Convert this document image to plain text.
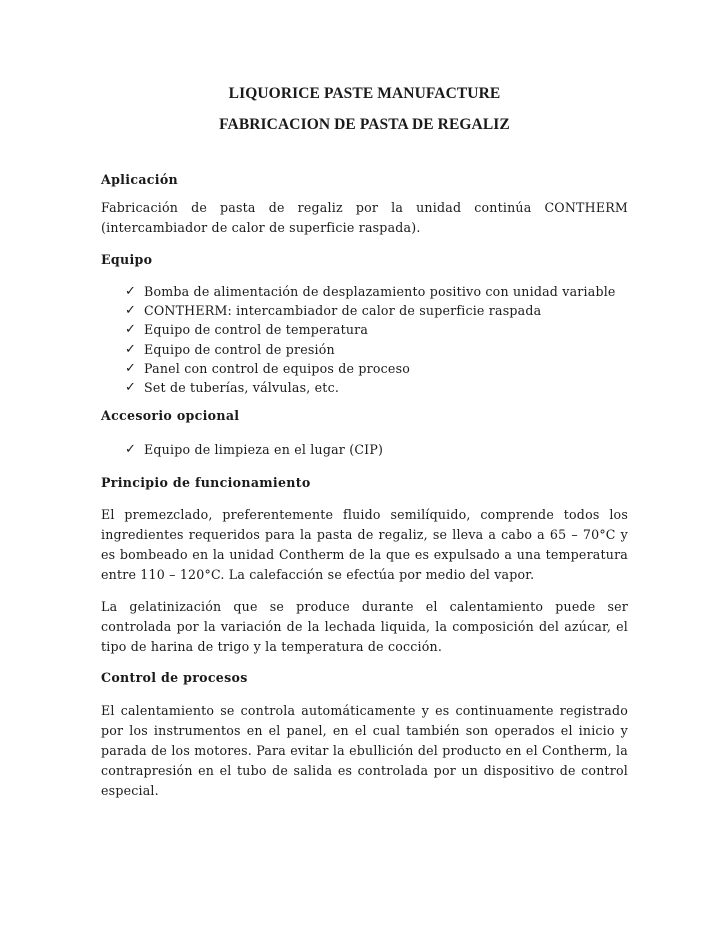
LIQUORICE PASTE MANUFACTURE

FABRICACION DE PASTA DE REGALIZ

Aplicación

Fabricación de pasta de regaliz por la unidad continúa CONTHERM (intercambiador de calor de superficie raspada).

Equipo

✓ Bomba de alimentación de desplazamiento positivo con unidad variable
✓ CONTHERM: intercambiador de calor de superficie raspada
✓ Equipo de control de temperatura
✓ Equipo de control de presión
✓ Panel con control de equipos de proceso
✓ Set de tuberías, válvulas, etc.

Accesorio opcional

✓ Equipo de limpieza en el lugar (CIP)

Principio de funcionamiento

El premezclado, preferentemente fluido semilíquido, comprende todos los ingredientes requeridos para la pasta de regaliz, se lleva a cabo a 65 – 70°C y es bombeado en la unidad Contherm de la que es expulsado a una temperatura entre 110 – 120°C. La calefacción se efectúa por medio del vapor.

La gelatinización que se produce durante el calentamiento puede ser controlada por la variación de la lechada liquida, la composición del azúcar, el tipo de harina de trigo y la temperatura de cocción.

Control de procesos

El calentamiento se controla automáticamente y es continuamente registrado por los instrumentos en el panel, en el cual también son operados el inicio y parada de los motores. Para evitar la ebullición del producto en el Contherm, la contrapresión en el tubo de salida es controlada por un dispositivo de control especial.
